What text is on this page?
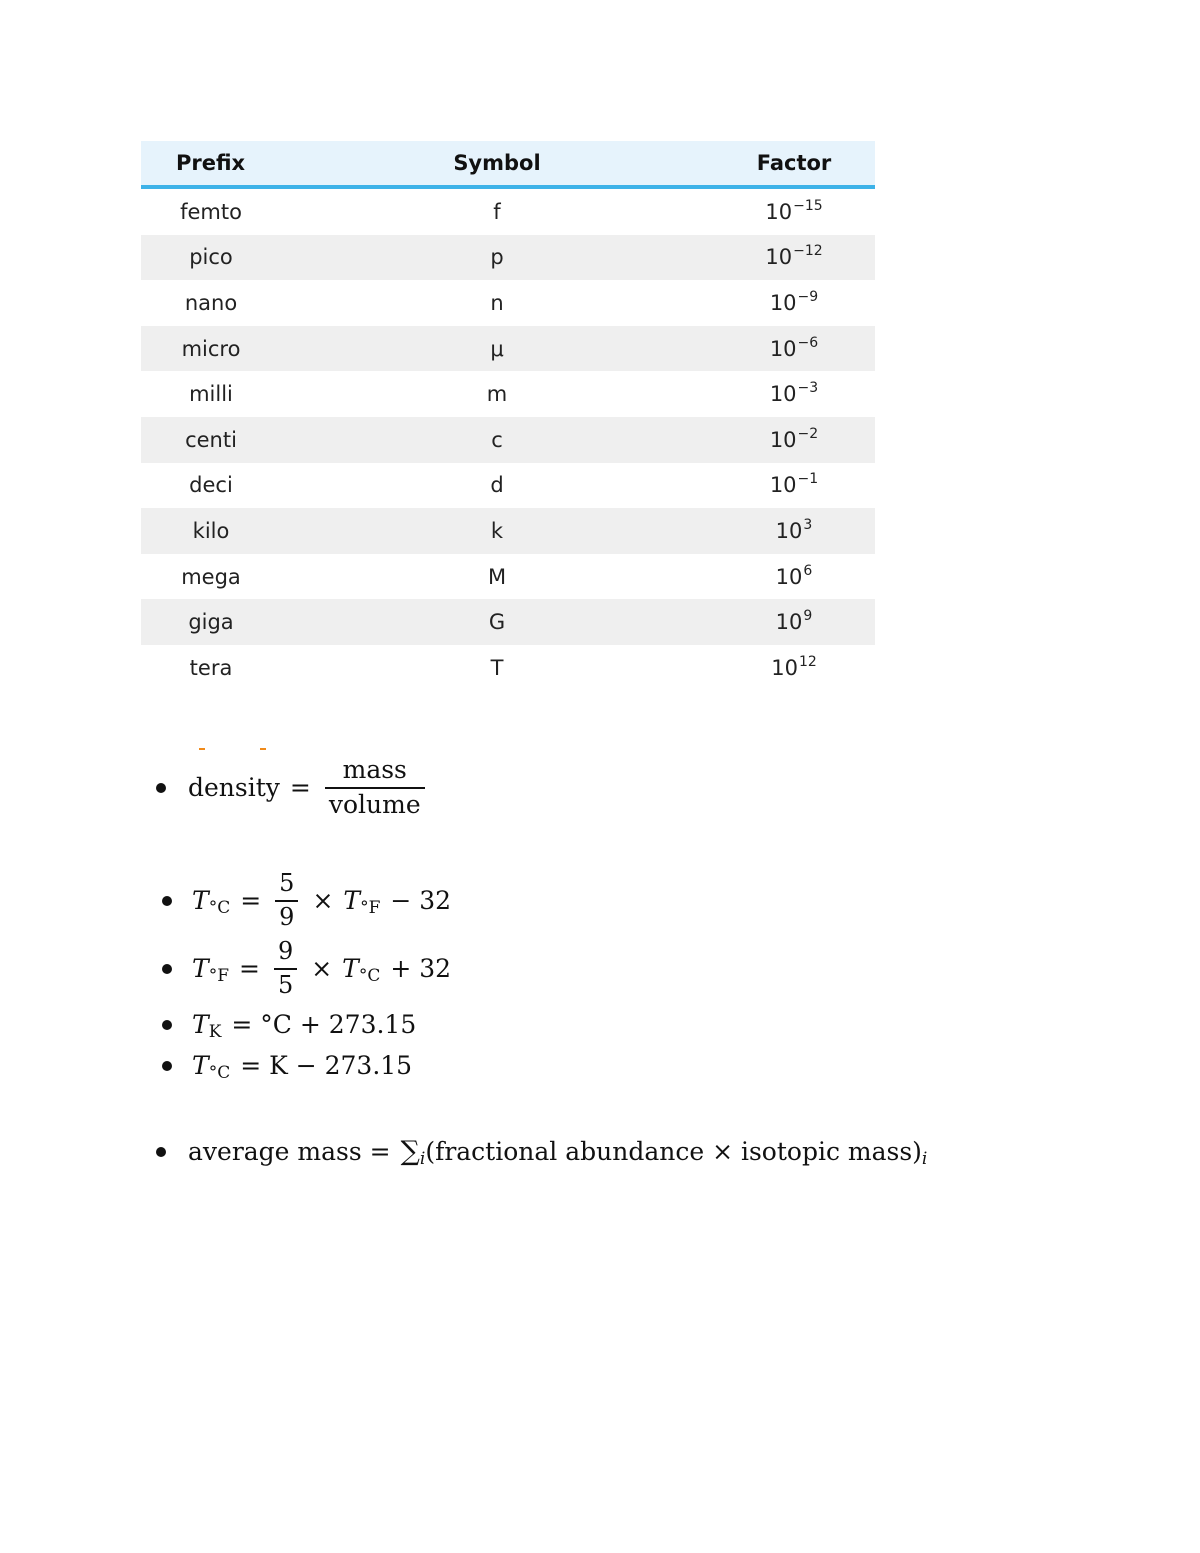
Prefix	Symbol	Factor
femto	f	$10^{-15}$
pico	p	$10^{-12}$
nano	n	$10^{-9}$
micro	μ	$10^{-6}$
milli	m	$10^{-3}$
centi	c	$10^{-2}$
deci	d	$10^{-1}$
kilo	k	$10^3$
mega	M	$10^6$
giga	G	$10^9$
tera	T	$10^{12}$
density = $\frac{\text{mass}}{\text{volume}}$
T $^\circ C = \frac{5}{9} \times T$ °F − 32
T $^\circ F = \frac{9}{5} \times T$ °C + 32
T K = °C + 273.15
T °C = K − 273.15
average mass = ∑ i (fractional abundance × isotopic mass) i
